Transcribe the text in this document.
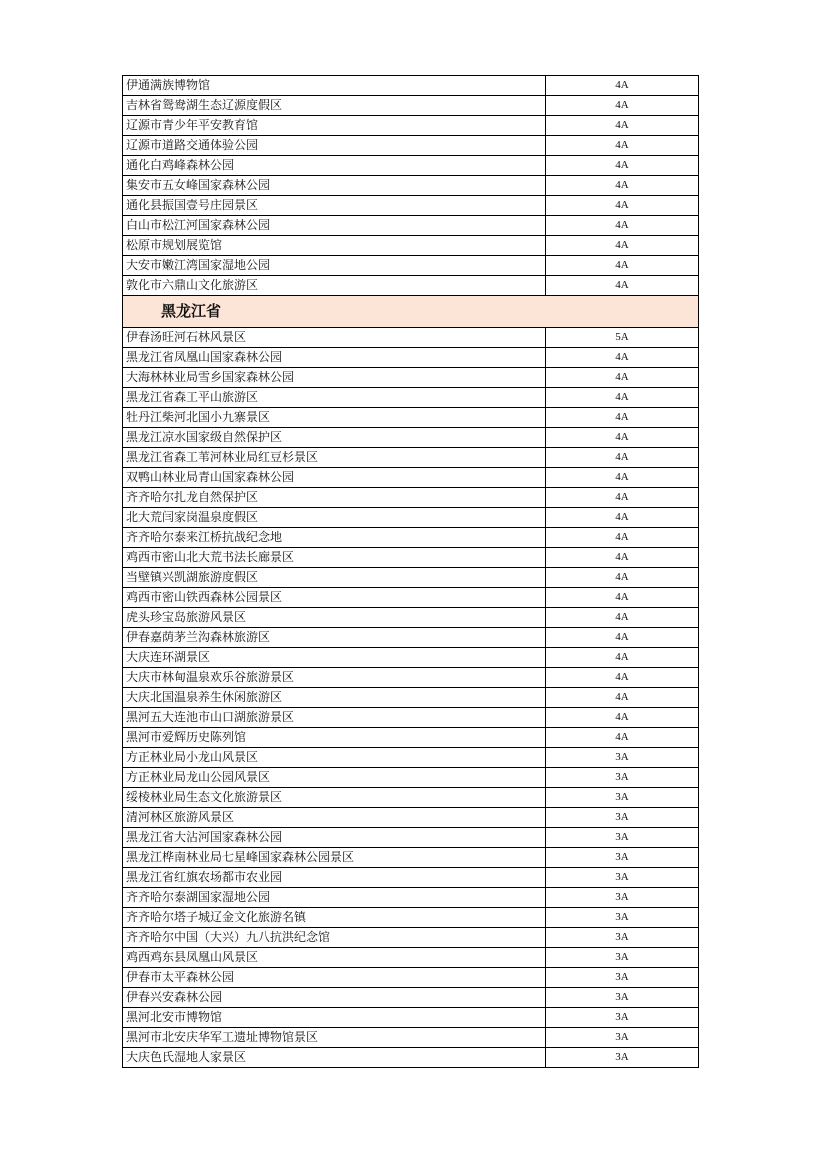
伊通满族博物馆	4A
吉林省鸳鸯湖生态辽源度假区	4A
辽源市青少年平安教育馆	4A
辽源市道路交通体验公园	4A
通化白鸡峰森林公园	4A
集安市五女峰国家森林公园	4A
通化县振国壹号庄园景区	4A
白山市松江河国家森林公园	4A
松原市规划展览馆	4A
大安市嫩江湾国家湿地公园	4A
敦化市六鼎山文化旅游区	4A
黑龙江省	
伊春汤旺河石林风景区	5A
黑龙江省凤凰山国家森林公园	4A
大海林林业局雪乡国家森林公园	4A
黑龙江省森工平山旅游区	4A
牡丹江柴河北国小九寨景区	4A
黑龙江凉水国家级自然保护区	4A
黑龙江省森工苇河林业局红豆杉景区	4A
双鸭山林业局青山国家森林公园	4A
齐齐哈尔扎龙自然保护区	4A
北大荒闫家岗温泉度假区	4A
齐齐哈尔泰来江桥抗战纪念地	4A
鸡西市密山北大荒书法长廊景区	4A
当壁镇兴凯湖旅游度假区	4A
鸡西市密山铁西森林公园景区	4A
虎头珍宝岛旅游风景区	4A
伊春嘉荫茅兰沟森林旅游区	4A
大庆连环湖景区	4A
大庆市林甸温泉欢乐谷旅游景区	4A
大庆北国温泉养生休闲旅游区	4A
黑河五大连池市山口湖旅游景区	4A
黑河市爱辉历史陈列馆	4A
方正林业局小龙山风景区	3A
方正林业局龙山公园风景区	3A
绥棱林业局生态文化旅游景区	3A
清河林区旅游风景区	3A
黑龙江省大沾河国家森林公园	3A
黑龙江桦南林业局七星峰国家森林公园景区	3A
黑龙江省红旗农场都市农业园	3A
齐齐哈尔泰湖国家湿地公园	3A
齐齐哈尔塔子城辽金文化旅游名镇	3A
齐齐哈尔中国（大兴）九八抗洪纪念馆	3A
鸡西鸡东县凤凰山风景区	3A
伊春市太平森林公园	3A
伊春兴安森林公园	3A
黑河北安市博物馆	3A
黑河市北安庆华军工遗址博物馆景区	3A
大庆色氏湿地人家景区	3A
